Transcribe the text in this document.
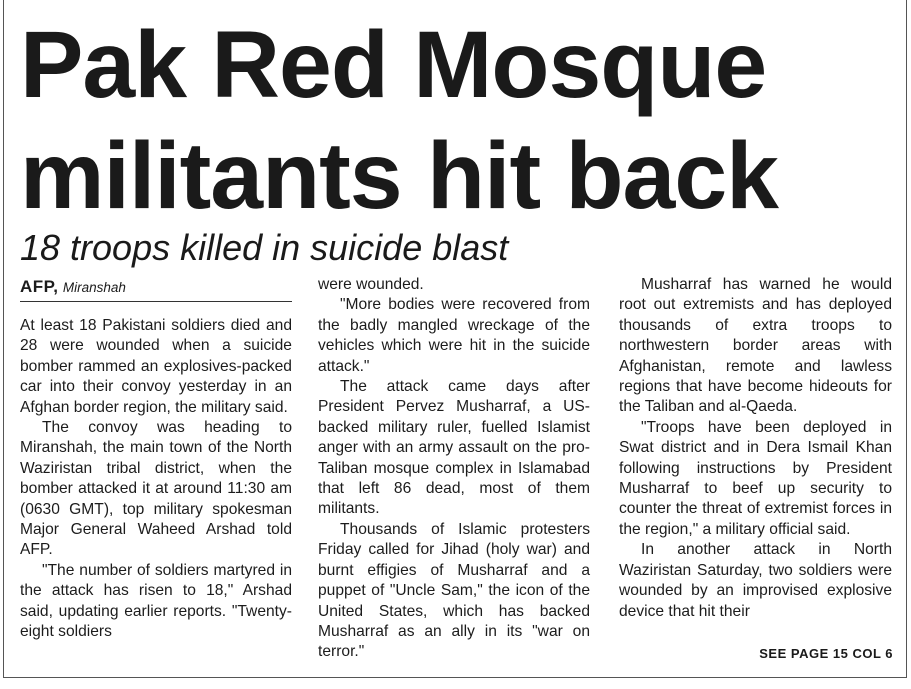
Pak Red Mosque militants hit back
18 troops killed in suicide blast
AFP, Miranshah

At least 18 Pakistani soldiers died and 28 were wounded when a suicide bomber rammed an explosives-packed car into their convoy yesterday in an Afghan border region, the military said.

The convoy was heading to Miranshah, the main town of the North Waziristan tribal district, when the bomber attacked it at around 11:30 am (0630 GMT), top military spokesman Major General Waheed Arshad told AFP.

"The number of soldiers martyred in the attack has risen to 18," Arshad said, updating earlier reports. "Twenty-eight soldiers

were wounded.

"More bodies were recovered from the badly mangled wreckage of the vehicles which were hit in the suicide attack."

The attack came days after President Pervez Musharraf, a US-backed military ruler, fuelled Islamist anger with an army assault on the pro-Taliban mosque complex in Islamabad that left 86 dead, most of them militants.

Thousands of Islamic protesters Friday called for Jihad (holy war) and burnt effigies of Musharraf and a puppet of "Uncle Sam," the icon of the United States, which has backed Musharraf as an ally in its "war on terror."

Musharraf has warned he would root out extremists and has deployed thousands of extra troops to northwestern border areas with Afghanistan, remote and lawless regions that have become hideouts for the Taliban and al-Qaeda.

"Troops have been deployed in Swat district and in Dera Ismail Khan following instructions by President Musharraf to beef up security to counter the threat of extremist forces in the region," a military official said.

In another attack in North Waziristan Saturday, two soldiers were wounded by an improvised explosive device that hit their

SEE PAGE 15 COL 6
